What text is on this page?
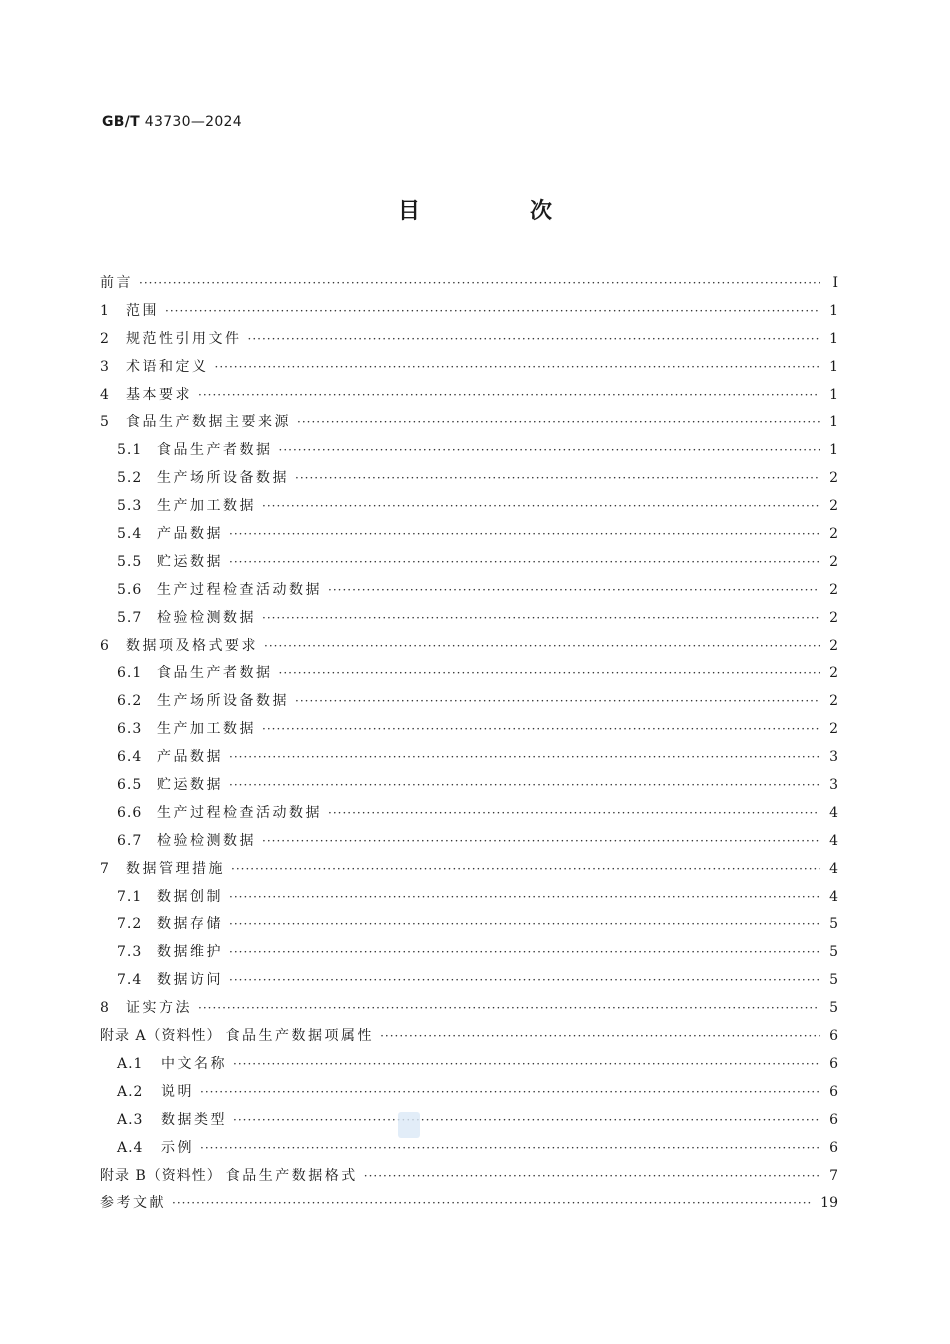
GB/T 43730—2024
目　次
前言 ·····	Ⅰ
1	范围 ·····	1
2	规范性引用文件 ·····	1
3	术语和定义 ·····	1
4	基本要求 ·····	1
5	食品生产数据主要来源 ·····	1
5.1	食品生产者数据 ·····	1
5.2	生产场所设备数据 ·····	2
5.3	生产加工数据 ·····	2
5.4	产品数据 ·····	2
5.5	贮运数据 ·····	2
5.6	生产过程检查活动数据 ·····	2
5.7	检验检测数据 ·····	2
6	数据项及格式要求 ·····	2
6.1	食品生产者数据 ·····	2
6.2	生产场所设备数据 ·····	2
6.3	生产加工数据 ·····	2
6.4	产品数据 ·····	3
6.5	贮运数据 ·····	3
6.6	生产过程检查活动数据 ·····	4
6.7	检验检测数据 ·····	4
7	数据管理措施 ·····	4
7.1	数据创制 ·····	4
7.2	数据存储 ·····	5
7.3	数据维护 ·····	5
7.4	数据访问 ·····	5
8	证实方法 ·····	5
附录 A（资料性） 食品生产数据项属性 ·····	6
A.1	中文名称 ·····	6
A.2	说明 ·····	6
A.3	数据类型 ·····	6
A.4	示例 ·····	6
附录 B（资料性） 食品生产数据格式 ·····	7
参考文献 ·····	19
